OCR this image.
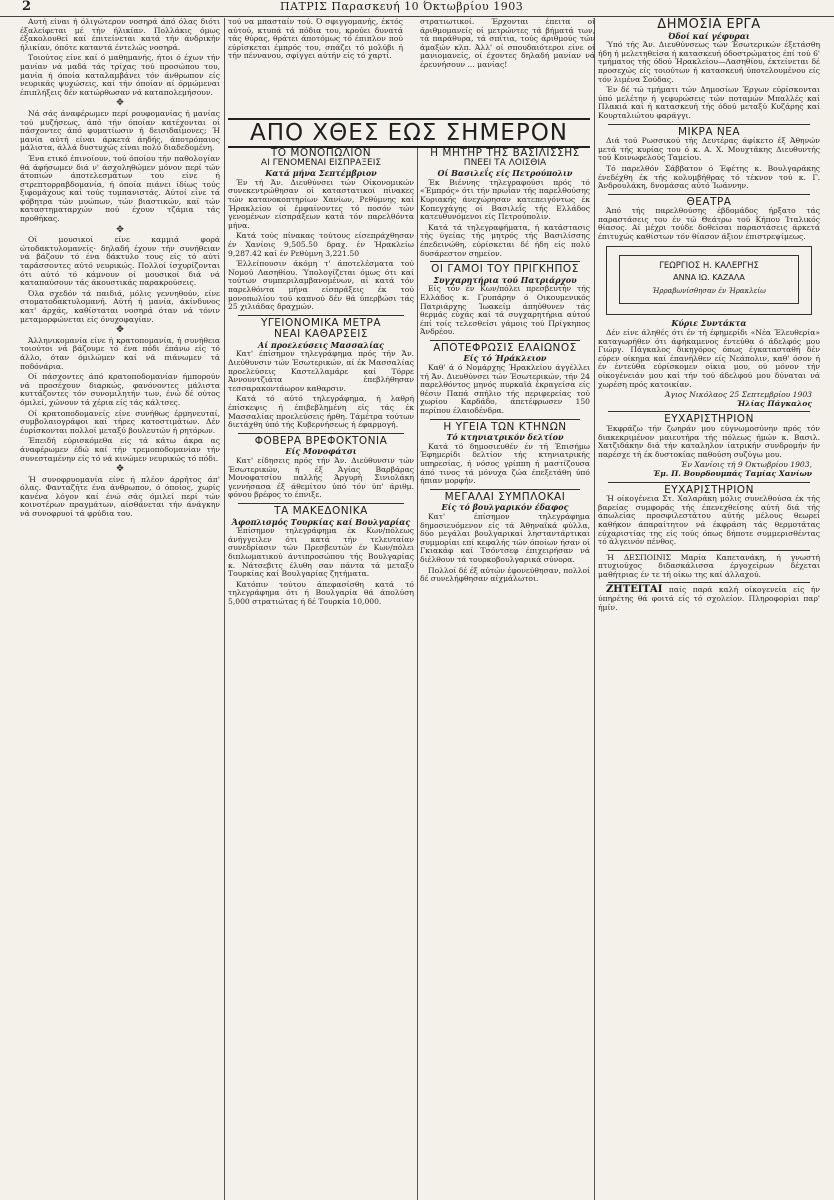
2	ΠΑΤΡΙΣ Παρασκευή 10 Όκτωβρίου 1903

Αυτή είναι ή όλιγώτερον νοσηρά άπό όλας διότι έξαλείφεται μέ τήν ήλικίαν. Πολλάκις όμως έξακολουθεί καί έπιτείνεται κατά τήν άνδρικήν ήλικίαν, όπότε καταντά έντελώς νοσηρά.

Τοιούτος είνε καί ό μαθημανής, ήτοι ό έχων τήν μανίαν νά μαδά τάς τρίχας τού προσώπου του, μανία ή όποία καταλαμβάνει τόν άνθρωπον είς νευρικάς ψυχώσεις, καί τήν όποίαν αί όρμώμεναι έπιπλήξεις δέν κατώρθωσαν νά καταπολεμήσουν.

✥

Νά σάς άναφέρωμεν περί ρουφομανίας ή μανίας τού μυζήσεως, άπό τήν όποίαν κατέχονται οί πάσχοντες άπό φυματίωσιν ή δεισιδαίμονες; Ή μανία αύτή είναι άρκετά άηδής, άποτρόπαιος μάλιστα, άλλά δυστυχώς είναι πολύ διαδεδομένη.

Ένα ετικό έπινοίουν, τού όποίου τήν παθολογίαν θά άφήσωμεν διά ν' άσχοληθώμεν μόνον περί τών άτοπιών άποτελεσμάτων του είνε ή στρεπτορραβδομανία, ή όποία πιάνει ίδίως τούς ξιφομάχους καί τούς τυμπανιστάς. Αύτοί είνε τά φόβητρα τών μυώπων, τών βιαστικών, καί τών καταστηματαρχών πού έχουν τζάμια τάς προθήκας.

✥

Οί μουσικοί είνε καμμιά φορά ώτοδακτυλομανείς· δηλαδή έχουν τήν συνήθειαν νά βάζουν τό ένα δάκτυλο τους είς τό αύτί ταράσσοντες αύτό νευρικώς. Πολλοί ίσχυρίζονται ότι αύτό τό κάμνουν οί μουσικοί διά νά καταπαύσουν τάς άκουστικάς παρακρούσεις.

Όλα σχεδόν τά παιδιά, μόλις γεννηθούν, είνε στοματοδακτυλομανή. Αύτή ή μανία, άκίνδυνος κατ' άρχάς, καθίσταται νοσηρά όταν νά τόνιν μεταμορφώνεται είς όνυχοφαγίαν.

✥

Άλληνικομανία είνε ή κρατοπομανία, ή συνήθεια τοιούτοι νά βάζουμε τό ένα πόδι έπάνω είς τό άλλο, όταν όμιλώμεν καί νά πιάνωμεν τά ποδόνάρια.

Οί πάσχοντες άπό κρατοποδομανίαν ήμπορούν νά προσέχουν διαρκώς, φανόνοντες μάλιστα κυττάζοντες τόν συνομιλητήν των, ένώ δέ ούτος όμιλεί, χώνουν τά χέρια είς τάς κάλτσες.

Οί κρατοποδομανείς είνε συνήθως έρμηνευταί, συμβολαιογράφοι καί τήρες κατοστιμάτων. Δέν έυρίσκονται πολλοί μεταξύ βουλευτών ή ρητόρων.

Έπειδή εύρισκόμεθα είς τά κάτω άκρα ας άναφέρωμεν έδώ καί τήν τρεμοποδομανίαν τήν συνεσταμένην είς τό νά κινώμεν νευρικώς τό πόδι.

✥

Ή συνοφρυομανία είνε ή πλέον άρρήτος άπ' όλας. Φανταζήτε ένα άνθρωπον, ό όποίος, χωρίς κανένα λόγον καί ένώ σάς όμιλεί περί τών κοινοτέρων πραγμάτων, αίσθάνεται τήν άνάγκην νά συνοφρυοί τά φρύδια του.

τού να μπασταίν τού. Ό σφιγγομανής, έκτός αύτού, κτυπά τά πόδια του, κρούει δυνατά τάς θύρας, θράτει άποτόμως τό έπιπλον πού εύρίσκεται έμπρός του, σπάζει τό μολύβι ή τήν πέννανου, σφίγγει αύτήν είς τό χαρτί.
στρατιωτικοί. Έρχονται έπειτα οί άριθμομανείς οί μετρώντες τά βήματά των, τά παράθυρα, τά σπίτια, τούς άριθμούς τών άμαξών κλπ. Άλλ' οί σπουδαιότεροι είνε οί μανιομανείς, οί έχοντες δηλαδή μανίαν νά έρευνήσουν ... μανίας!
ΑΠΟ ΧΘΕΣ ΕΩΣ ΣΗΜΕΡΟΝ
ΤΟ ΜΟΝΟΠΩΛΙΟΝ
ΑΙ ΓΕΝΟΜΕΝΑΙ ΕΙΣΠΡΑΞΕΙΣ
Κατά μήνα Σεπτέμβριον

Έν τή Άν. Διευθύνσει τών Οίκονομικών συνεκεντρώθησαν οί καταστατικοί πίνακες τών κατανοκοπτηρίων Χανίων, Ρεθύμνης καί Ήρακλείου οί έμφαίνοντες τό ποσόν τών γενομένων είσπράξεων κατά τόν παρελθόντα μήνα.

Κατά τούς πίνακας τούτους είσεπράχθησαν έν Χανίοις 9,505.50 δραχ. έν Ήρακλείω 9,287.42 καί έν Ρεθύμνη 3,221.50

Έλλείπουσιν άκόμη τ' άποτελέσματα τού Νομού Λασηθίου. Ύπολογίζεται όμως ότι καί τούτων συμπεριλαμβανομένων, αί κατά τόν παρελθόντα μήνα είσπράξεις έκ τού μονοπωλίου τού καπνού δέν θά ύπερβώσι τάς 25 χιλιάδας δραχμών.

ΥΓΕΙΟΝΟΜΙΚΑ ΜΕΤΡΑ
ΝΕΑΙ ΚΑΘΑΡΣΕΙΣ
Αί προελεύσεις Μασσαλίας

Κατ' έπίσημον τηλεγράφημα πρός τήν Άν. Διεύθυνσιν τών Έσωτερικών, αί έκ Μασσαλίας προελεύσεις Καστελλαμάρε καί Τόρρε Άννουντζιάτα έπεβλήθησαν τεσσαρακοντάωρον καθαρσιν.

Κατά τό αύτό τηλεγράφημα, ή λαθρή έπίσκεψις ή έπιβεβλημένη είς τάς έκ Μασσαλίας προελεύσεις ήρθη. Τάμέτρα τούτων διετάχθη ύπό τής Κυβερνήσεως ή έφαρμογή.

ΦΟΒΕΡΑ ΒΡΕΦΟΚΤΟΝΙΑ
Είς Μονοφάτσι

Κατ' είδησεις πρός τήν Άν. Διεύθυνσιν τών Έσωτερικών, ή έξ Άγίας Βαρβάρας Μονοφατσίου παλλής Άργυρή Σινιολάκη γεννήσασα έξ άθεμίτου ύπό τόν ύπ' άριθμ. φόνου βρέφος το έπνιξε.

ΤΑ ΜΑΚΕΔΟΝΙΚΑ
Άφοπλισμός Τουρκίας καί Βουλγαρίας

Έπίσημον τηλεγράφημα έκ Κων/πόλεως άνήγγειλεν ότι κατά τήν τελευταίαν συνεδρίασιν τών Πρεσβευτών έν Κων/πόλει διπλωματικού άντιπροσώπου τής Βουλγαρίας κ. Νάτσεβιτς έλυθη σαν πάντα τά μεταξύ Τουρκίας καί Βουλγαρίας ζητήματα.

Κατόπιν τούτου άπεφασίσθη κατά τό τηλεγράφημα ότι ή Βουλγαρία θά άπολύση 5,000 στρατιώτας ή δέ Τουρκία 10,000.

Η ΜΗΤΗΡ ΤΗΣ ΒΑΣΙΛΙΣΣΗΣ
ΠΝΕΕΙ ΤΑ ΛΟΙΣΘΙΑ
Οί Βασιλεΐς είς Πετρούπολιν

Έκ Βιέννης τηλεγραφούσι πρός τό «Έμπρός» ότι τήν πρωΐαν τής παρελθούσης Κυριακής άνεχώρησαν κατεπειγόντως έκ Κοπεγχάγης οί Βασιλεΐς τής Ελλάδος κατευθυνόμενοι είς Πετρούπολιν.

Κατά τά τηλεγραφήματα, ή κατάστασις τής ύγείας τής μητρός τής Βασιλίσσης έπεδεινώθη, εύρίσκεται δέ ήδη είς πολύ δυσάρεστον σημείον.

ΟΙ ΓΑΜΟΙ ΤΟΥ ΠΡΙΓΚΗΠΟΣ
Συγχαρητήρια τού Πατριάρχου

Είς τόν έν Κων/πόλει πρεσβευτήν τής Ελλάδος κ. Γρυπάρην ό Οικουμενικός Πατριάρχης Ίωακείμ άπηύθυνεν τάς θερμάς εύχάς καί τά συγχαρητήρια αύτού έπί τοίς τελεσθείσι γάμοις τού Πρίγκηπος Άνδρέου.

ΑΠΟΤΕΦΡΩΣΙΣ ΕΛΑΙΩΝΟΣ
Είς τό Ήράκλειον

Καθ' ά ό Νομάρχης Ήρακλείου άγγέλλει τή Άν. Διευθύνσει τών Έσωτερικών, τήν 24 παρελθόντος μηνός πυρκαϊά έκραγείσα είς θέσιν Παπά σπήλιο τής περιφερείας τού χωρίου Καρδάδο, άπετέφρωσεν 150 περίπου έλαιοδένδρα.

Η ΥΓΕΙΑ ΤΩΝ ΚΤΗΝΩΝ
Τό κτηνιατρικόν δελτίον

Κατά τό δημοσιευθέν έν τή Έπισήμω Έφημερίδι δελτίον τής κτηνιατρικής υπηρεσίας, ή νόσος γρίππη ή μαστίζουσα άπό τινος τά μόνυχα ζώα έπεξετάθη ύπό ήπιαν μορφήν.

ΜΕΓΑΛΑΙ ΣΥΜΠΛΟΚΑΙ
Είς τό βουλγαρικόν έδαφος

Κατ' έπίσημον τηλεγράφημα δημοσιευόμενον είς τά Άθηναϊκά φύλλα, δύο μεγάλαι βουλγαρικαί λησταντάρτικαι συμμορίαι επί κεφαλής τών όποίων ήσαν οί Γκιακάφ καί Τσόντσεφ έπιχειρήσαν νά διέλθουν τά τουρκοβουλγαρικά σύνορα.

Πολλοί δέ έξ αύτών έφονεύθησαν, πολλοί δέ συνελήφθησαν αίχμάλωτοι.

ΔΗΜΟΣΙΑ ΕΡΓΑ
Όδοί καί γέφυραι

Ύπό τής Άν. Διευθύνσεως τών Έσωτερικών έξετάσθη ήδη ή μελετηθείσα ή κατασκευή όδοστρώματος έπί τού 6' τμήματος τής όδού Ήρακλείου—Λασηθίου, έκτείνεται δέ προσεχώς είς τοιούτων ή κατασκευή ύποτελουμένου είς τόν λιμένα Σούδας.

Έν δέ τώ τμήματι τών Δημοσίων Έργων εύρίσκονται ύπό μελέτην ή γεφυρώσεις τών ποταμών Μπαλλές καί Πλακιά καί ή κατασκευή τής όδού μεταξύ Κυζάρης καί Κουρταλιώτου φαράγγι.

ΜΙΚΡΑ ΝΕΑ

Διά τού Ρωσσικού τής Δευτέρας άφίκετο έξ Άθηνών μετά τής κυρίας του ό κ. Α. Χ. Μουχτάκης Διευθυντής τού Κοινωφελούς Ταμείου.

Τό παρελθόν Σάββατον ό Έφέτης κ. Βουλγαράκης ένεδέχθη έκ τής κολυμβήθρας τό τέκνον τού κ. Γ. Άνδρουλάκη, δνομάσας αύτό Ίωάννην.

ΘΕΑΤΡΑ

Άπό τής παρελθούσης έβδομάδος ήρξατο τάς παραστάσεις του έν τώ Θεάτρω τού Κήπου Ίταλικός θίασος. Αί μέχρι τούδε δοθείσαι παραστάσεις άρκετά έπιτυχώς καθίστων τόν θίασον άξιον έπιστρεψίμεως.

ΓΕΩΡΓΙΟΣ Η. ΚΑΛΕΡΓΗΣ
ΑΝΝΑ ΙΩ. ΚΑΖΑΛΑ
Ήρραβωνίσθησαν έν Ήρακλείω
Κύριε Συντάκτα

Δέν είνε άληθές ότι έν τή έφημερίδι «Νέα Έλευθερία» καταγωρήθεν ότι άφήκαμενος έντεύθα ό άδελφός μου Γιώργ. Πάγκαλος δικηγόρος όπως έγκατασταθή δέν εύρεν οίκημα καί έπανήλθεν είς Νεάπολιν, καθ' όσον ή έν έντεύθα εύρίσκομεν οίκια μου, ού μόνον τήν οίκογένειάν μου καί τήν τού άδελφού μου δύναται νά χωρέση πρός κατοικίαν.

Άγιος Νικόλαος 25 Σεπτεμβρίου 1903
Ήλίας Πάγκαλος
ΕΥΧΑΡΙΣΤΗΡΙΟΝ

Έκφράζω τήν ζωηράν μου εύγνωμοσύνην πρός τόν διακεκριμένον μαιευτήρα τής πόλεως ήμών κ. Βασιλ. Χατζιδάκην διά τήν καταληλον ίατρικήν συνδρομήν ήν παρέσχε τή έκ δυστοκίας παθούση συζύγω μου.

Έν Χανίοις τή 9 Όκτωβρίου 1903,
Έμ. Π. Βουρδουμπάς Ταμίας Χανίων
ΕΥΧΑΡΙΣΤΗΡΙΟΝ

Ή οίκογένεια Στ. Χαλαράκη μόλις συνελθούσα έκ τής βαρείας συμφοράς τής έπενεχθείσης αύτή διά τής άπωλείας προσφιλεστάτου αύτής μέλους θεωρεί καθήκον άπαραίτητον νά έκφράση τάς θερμοτάτας εύχαριστίας της είς τούς όπως δήποτε συμμερισθέντας τό άλγεινόν πένθος.

Ή ΔΕΣΠΟΙΝΙΣ Μαρία Καπετανάκη, ή γνωστή πτυχιούχος διδασκάλισσα έργοχείρων δέχεται μαθήτριας έν τε τή οίκω της καί άλλαχού.

ΖΗΤΕΙΤΑΙ παίς παρά καλή οίκογενεία είς ήν ύπηρέτης θά φοιτά είς τό σχολείον. Πληροφορίαι παρ' ήμίν.
